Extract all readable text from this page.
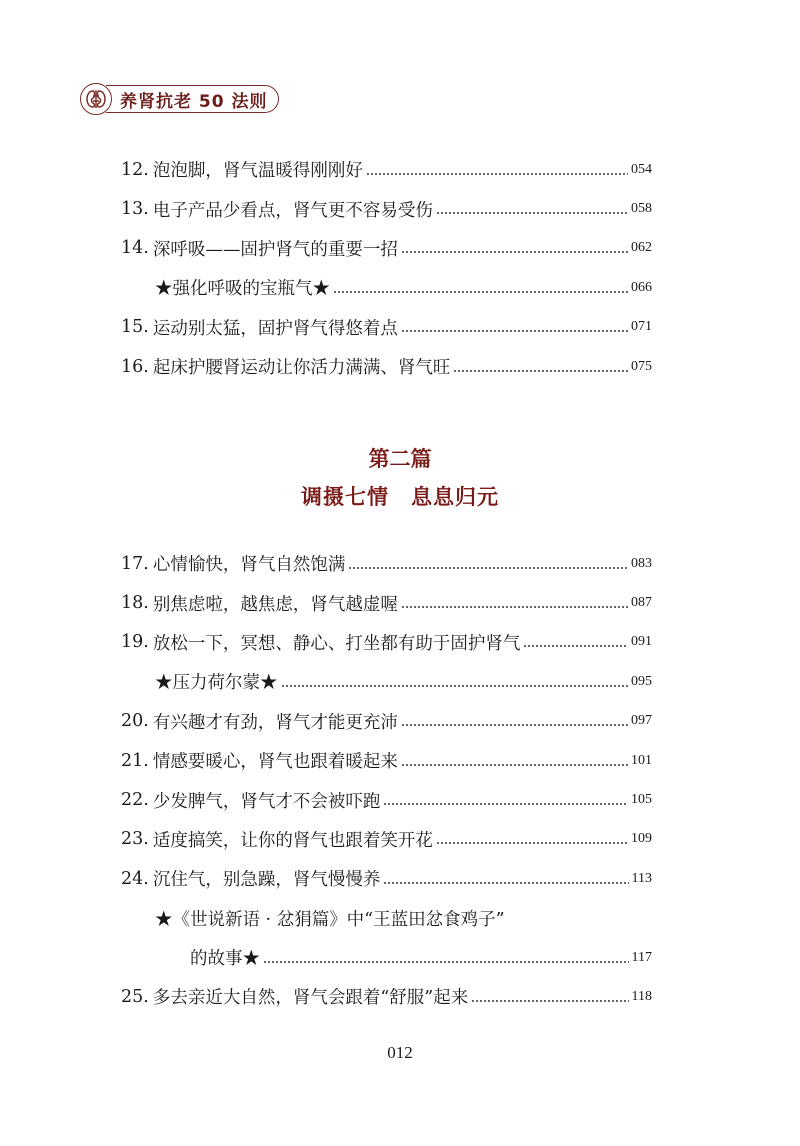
养肾抗老 50 法则
12. 泡泡脚，肾气温暖得刚刚好	054
13. 电子产品少看点，肾气更不容易受伤	058
14. 深呼吸——固护肾气的重要一招	062
★强化呼吸的宝瓶气★	066
15. 运动别太猛，固护肾气得悠着点	071
16. 起床护腰肾运动让你活力满满、肾气旺	075
第二篇
调摄七情　息息归元
17. 心情愉快，肾气自然饱满	083
18. 别焦虑啦，越焦虑，肾气越虚喔	087
19. 放松一下，冥想、静心、打坐都有助于固护肾气	091
★压力荷尔蒙★	095
20. 有兴趣才有劲，肾气才能更充沛	097
21. 情感要暖心，肾气也跟着暖起来	101
22. 少发脾气，肾气才不会被吓跑	105
23. 适度搞笑，让你的肾气也跟着笑开花	109
24. 沉住气，别急躁，肾气慢慢养	113
★《世说新语 · 忿狷篇》中“王蓝田忿食鸡子”
的故事★	117
25. 多去亲近大自然，肾气会跟着“舒服”起来	118
012
